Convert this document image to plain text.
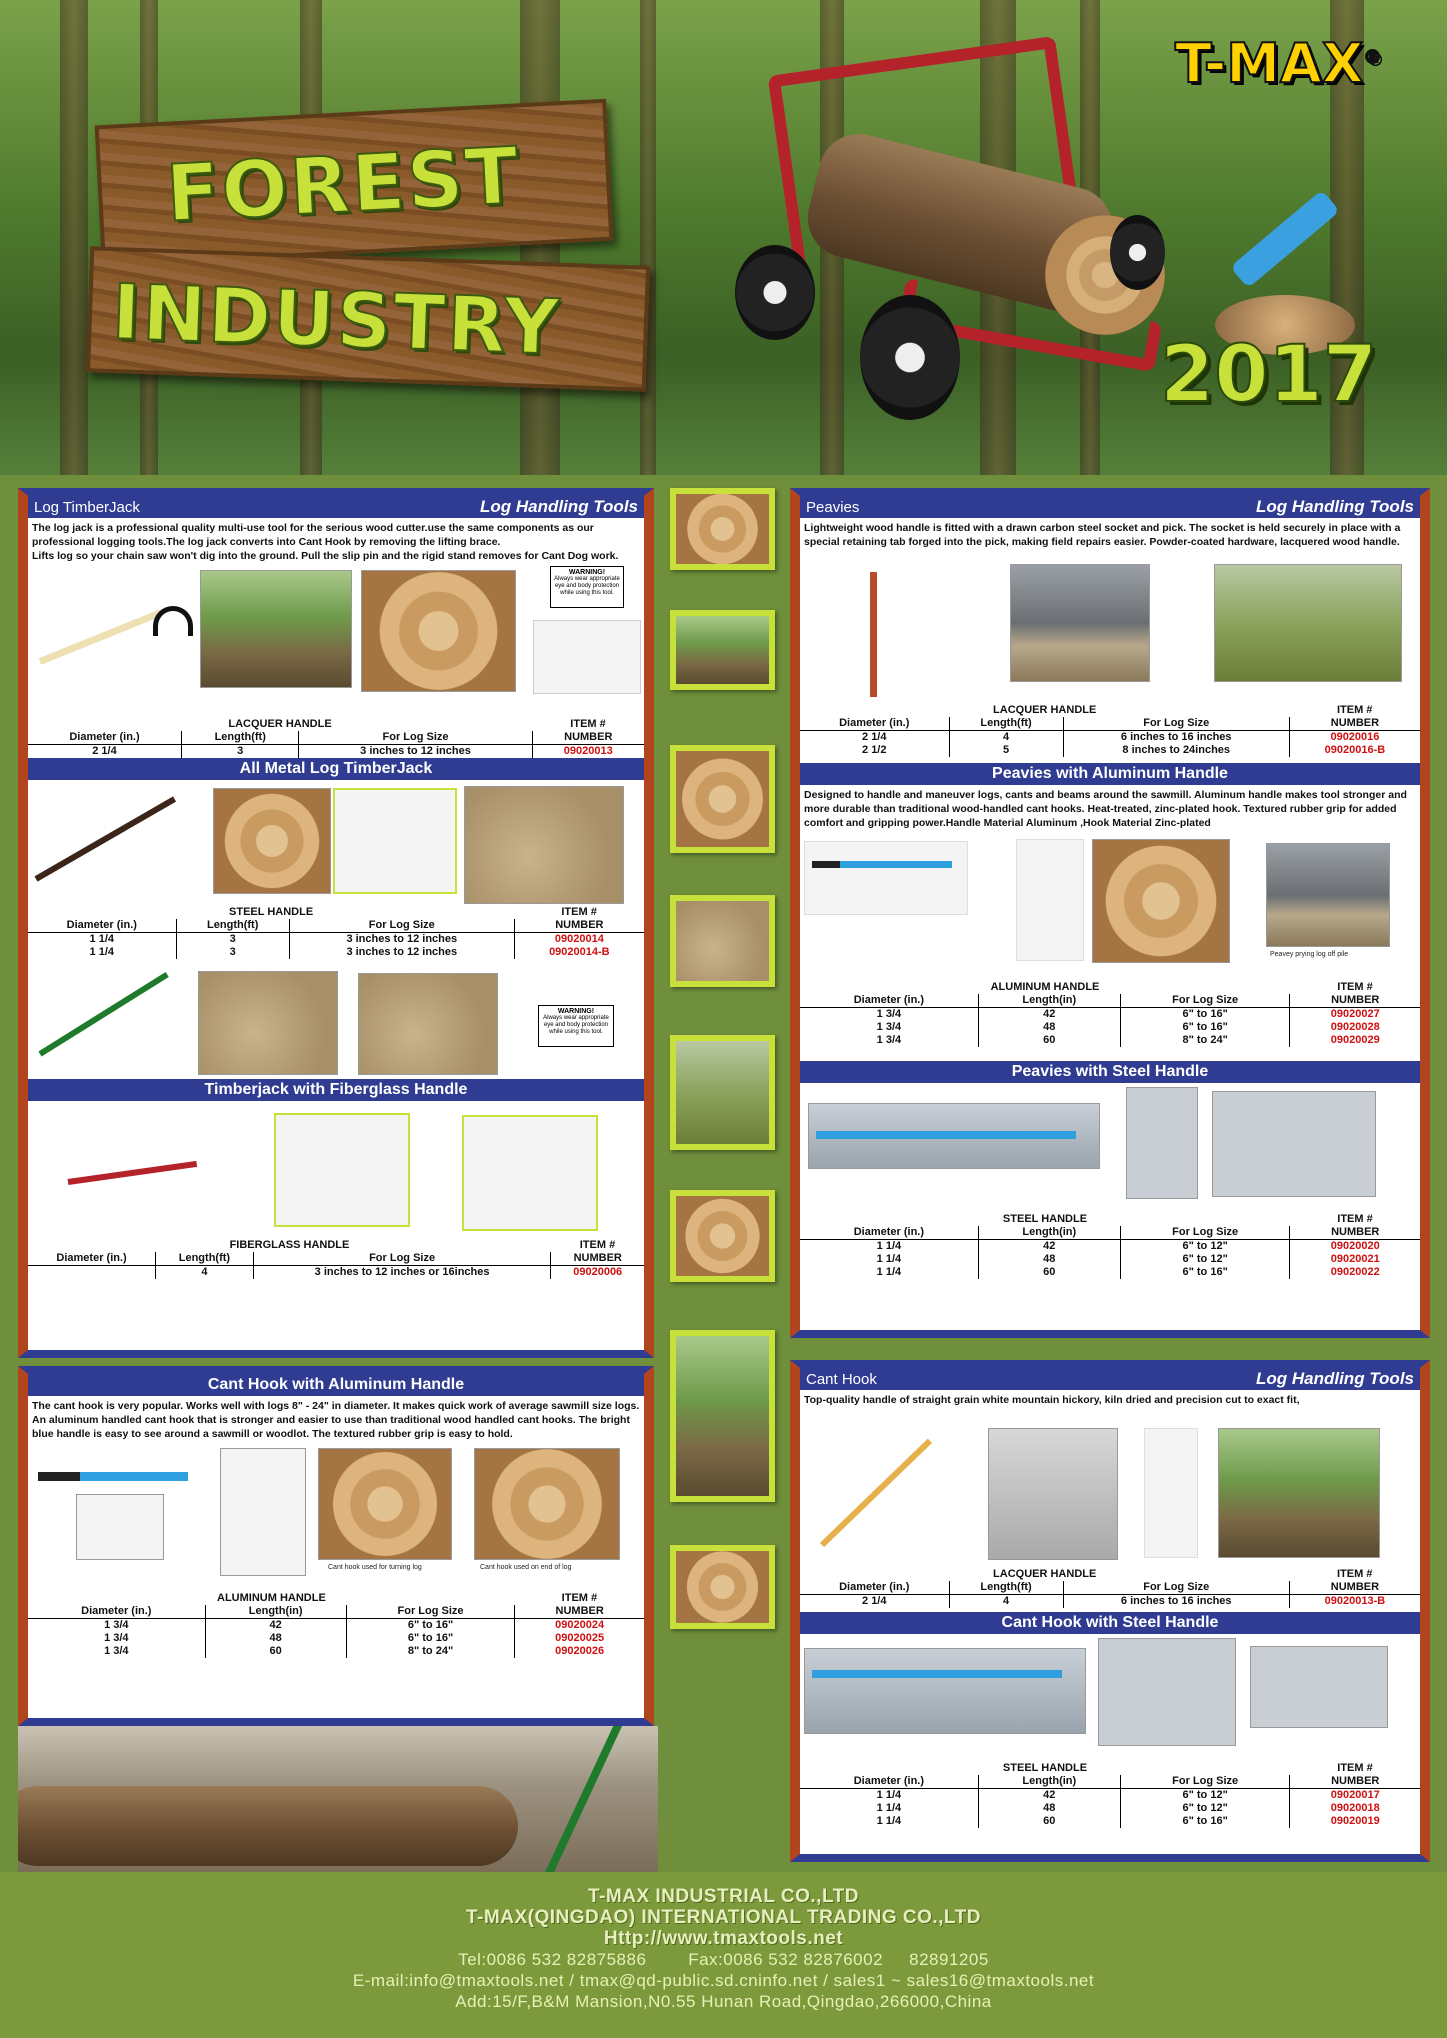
FOREST
INDUSTRY
T-MAX®
2017
Log TimberJack	Log Handling Tools
The log jack is a professional quality multi-use tool for the serious wood cutter.use the same components as our professional logging tools.The log jack converts into Cant Hook by removing the lifting brace.
Lifts log so your chain saw won't dig into the ground. Pull the slip pin and the rigid stand removes for Cant Dog work.
WARNING!
Always wear appropriate eye and body protection while using this tool.
LACQUER HANDLE			ITEM #
Diameter (in.)	Length(ft)	For Log Size	NUMBER
2 1/4	3	3 inches to 12 inches	09020013
All Metal Log TimberJack
STEEL HANDLE			ITEM #
Diameter (in.)	Length(ft)	For Log Size	NUMBER
1 1/4	3	3 inches to 12 inches	09020014
1 1/4	3	3 inches to 12 inches	09020014-B
WARNING!
Always wear appropriate eye and body protection while using this tool.
Timberjack with Fiberglass Handle
FIBERGLASS HANDLE			ITEM #
Diameter (in.)	Length(ft)	For Log Size	NUMBER
	4	3 inches to 12 inches or 16inches	09020006
Cant Hook with Aluminum Handle
The cant hook is very popular. Works well with logs 8" - 24" in diameter. It makes quick work of average sawmill size logs.
An aluminum handled cant hook that is stronger and easier to use than traditional wood handled cant hooks. The bright blue handle is easy to see around a sawmill or woodlot. The textured rubber grip is easy to hold.
Cant hook used for turning log	Cant hook used on end of log
ALUMINUM HANDLE			ITEM #
Diameter (in.)	Length(in)	For Log Size	NUMBER
1 3/4	42	6" to 16"	09020024
1 3/4	48	6" to 16"	09020025
1 3/4	60	8" to 24"	09020026
Peavies	Log Handling Tools
Lightweight wood handle is fitted with a drawn carbon steel socket and pick. The socket is held securely in place with a special retaining tab forged into the pick, making field repairs easier. Powder-coated hardware, lacquered wood handle.
LACQUER HANDLE			ITEM #
Diameter (in.)	Length(ft)	For Log Size	NUMBER
2 1/4	4	6 inches to 16 inches	09020016
2 1/2	5	8 inches to 24inches	09020016-B
Peavies with Aluminum Handle
Designed to handle and maneuver logs, cants and beams around the sawmill. Aluminum handle makes tool stronger and more durable than traditional wood-handled cant hooks. Heat-treated, zinc-plated hook. Textured rubber grip for added comfort and gripping power.Handle Material Aluminum ,Hook Material Zinc-plated
Peavey prying log off pile
ALUMINUM HANDLE			ITEM #
Diameter (in.)	Length(in)	For Log Size	NUMBER
1 3/4	42	6" to 16"	09020027
1 3/4	48	6" to 16"	09020028
1 3/4	60	8" to 24"	09020029
Peavies with Steel Handle
STEEL HANDLE			ITEM #
Diameter (in.)	Length(in)	For Log Size	NUMBER
1 1/4	42	6" to 12"	09020020
1 1/4	48	6" to 12"	09020021
1 1/4	60	6" to 16"	09020022
Cant Hook	Log Handling Tools
Top-quality handle of straight grain white mountain hickory, kiln dried and precision cut to exact fit,
LACQUER HANDLE			ITEM #
Diameter (in.)	Length(ft)	For Log Size	NUMBER
2 1/4	4	6 inches to 16 inches	09020013-B
Cant Hook with Steel Handle
STEEL HANDLE			ITEM #
Diameter (in.)	Length(in)	For Log Size	NUMBER
1 1/4	42	6" to 12"	09020017
1 1/4	48	6" to 12"	09020018
1 1/4	60	6" to 16"	09020019
T-MAX INDUSTRIAL CO.,LTD
T-MAX(QINGDAO) INTERNATIONAL TRADING CO.,LTD
Http://www.tmaxtools.net
Tel:0086 532 82875886        Fax:0086 532 82876002     82891205
E-mail:info@tmaxtools.net / tmax@qd-public.sd.cninfo.net / sales1 ~ sales16@tmaxtools.net
Add:15/F,B&M Mansion,N0.55 Hunan Road,Qingdao,266000,China
